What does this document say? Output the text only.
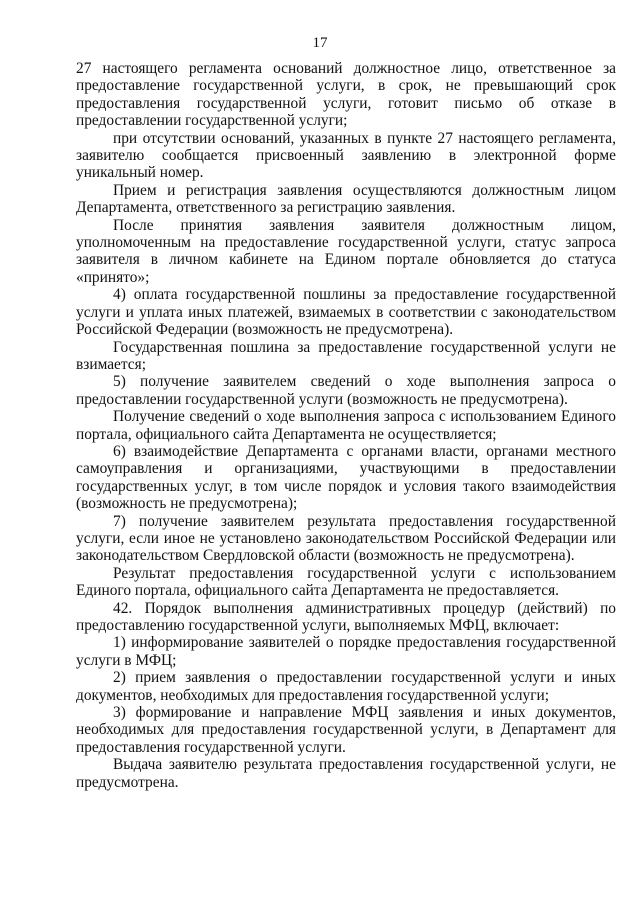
17

27 настоящего регламента оснований должностное лицо, ответственное за предоставление государственной услуги, в срок, не превышающий срок предоставления государственной услуги, готовит письмо об отказе в предоставлении государственной услуги;

при отсутствии оснований, указанных в пункте 27 настоящего регламента, заявителю сообщается присвоенный заявлению в электронной форме уникальный номер.

Прием и регистрация заявления осуществляются должностным лицом Департамента, ответственного за регистрацию заявления.

После принятия заявления заявителя должностным лицом, уполномоченным на предоставление государственной услуги, статус запроса заявителя в личном кабинете на Едином портале обновляется до статуса «принято»;

4) оплата государственной пошлины за предоставление государственной услуги и уплата иных платежей, взимаемых в соответствии с законодательством Российской Федерации (возможность не предусмотрена).

Государственная пошлина за предоставление государственной услуги не взимается;

5) получение заявителем сведений о ходе выполнения запроса о предоставлении государственной услуги (возможность не предусмотрена).

Получение сведений о ходе выполнения запроса с использованием Единого портала, официального сайта Департамента не осуществляется;

6) взаимодействие Департамента с органами власти, органами местного самоуправления и организациями, участвующими в предоставлении государственных услуг, в том числе порядок и условия такого взаимодействия (возможность не предусмотрена);

7) получение заявителем результата предоставления государственной услуги, если иное не установлено законодательством Российской Федерации или законодательством Свердловской области (возможность не предусмотрена).

Результат предоставления государственной услуги с использованием Единого портала, официального сайта Департамента не предоставляется.

42. Порядок выполнения административных процедур (действий) по предоставлению государственной услуги, выполняемых МФЦ, включает:

1) информирование заявителей о порядке предоставления государственной услуги в МФЦ;

2) прием заявления о предоставлении государственной услуги и иных документов, необходимых для предоставления государственной услуги;

3) формирование и направление МФЦ заявления и иных документов, необходимых для предоставления государственной услуги, в Департамент для предоставления государственной услуги.

Выдача заявителю результата предоставления государственной услуги, не предусмотрена.
